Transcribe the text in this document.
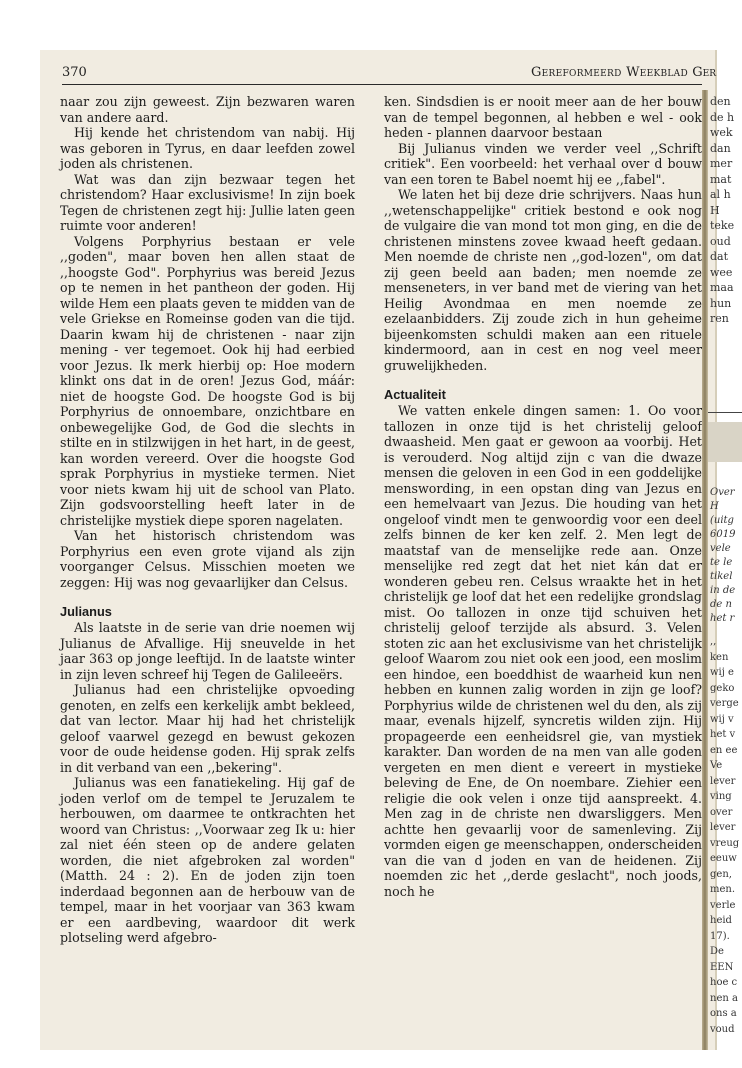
370	Gereformeerd Weekblad Ger

naar zou zijn geweest. Zijn bezwaren waren van andere aard.

Hij kende het christendom van nabij. Hij was geboren in Tyrus, en daar leefden zowel joden als christenen.

Wat was dan zijn bezwaar tegen het christendom? Haar exclusivisme! In zijn boek Tegen de christenen zegt hij: Jullie laten geen ruimte voor anderen!

Volgens Porphyrius bestaan er vele ,,goden", maar boven hen allen staat de ,,hoogste God". Porphyrius was bereid Jezus op te nemen in het pantheon der goden. Hij wilde Hem een plaats geven te midden van de vele Griekse en Romeinse goden van die tijd. Daarin kwam hij de christenen - naar zijn mening - ver tegemoet. Ook hij had eerbied voor Jezus. Ik merk hierbij op: Hoe modern klinkt ons dat in de oren! Jezus God, máár: niet de hoogste God. De hoogste God is bij Porphyrius de onnoembare, onzichtbare en onbewegelijke God, de God die slechts in stilte en in stilzwijgen in het hart, in de geest, kan worden vereerd. Over die hoogste God sprak Porphyrius in mystieke termen. Niet voor niets kwam hij uit de school van Plato. Zijn godsvoorstelling heeft later in de christelijke mystiek diepe sporen nagelaten.

Van het historisch christendom was Porphyrius een even grote vijand als zijn voorganger Celsus. Misschien moeten we zeggen: Hij was nog gevaarlijker dan Celsus.

Julianus

Als laatste in de serie van drie noemen wij Julianus de Afvallige. Hij sneuvelde in het jaar 363 op jonge leeftijd. In de laatste winter in zijn leven schreef hij Tegen de Galileeërs.

Julianus had een christelijke opvoeding genoten, en zelfs een kerkelijk ambt bekleed, dat van lector. Maar hij had het christelijk geloof vaarwel gezegd en bewust gekozen voor de oude heidense goden. Hij sprak zelfs in dit verband van een ,,bekering".

Julianus was een fanatiekeling. Hij gaf de joden verlof om de tempel te Jeruzalem te herbouwen, om daarmee te ontkrachten het woord van Christus: ,,Voorwaar zeg Ik u: hier zal niet één steen op de andere gelaten worden, die niet afgebroken zal worden" (Matth. 24 : 2). En de joden zijn toen inderdaad begonnen aan de herbouw van de tempel, maar in het voorjaar van 363 kwam er een aardbeving, waardoor dit werk plotseling werd afgebro-

ken. Sindsdien is er nooit meer aan de her bouw van de tempel begonnen, al hebben e wel - ook heden - plannen daarvoor bestaan

Bij Julianus vinden we verder veel ,,Schrift critiek". Een voorbeeld: het verhaal over d bouw van een toren te Babel noemt hij ee ,,fabel".

We laten het bij deze drie schrijvers. Naas hun ,,wetenschappelijke" critiek bestond e ook nog de vulgaire die van mond tot mon ging, en die de christenen minstens zovee kwaad heeft gedaan. Men noemde de christe nen ,,god-lozen", om dat zij geen beeld aan baden; men noemde ze menseneters, in ver band met de viering van het Heilig Avondmaa en men noemde ze ezelaanbidders. Zij zoude zich in hun geheime bijeenkomsten schuldi maken aan een rituele kindermoord, aan in cest en nog veel meer gruwelijkheden.

Actualiteit

We vatten enkele dingen samen: 1. Oo voor tallozen in onze tijd is het christelij geloof dwaasheid. Men gaat er gewoon aa voorbij. Het is verouderd. Nog altijd zijn c van die dwaze mensen die geloven in een God in een goddelijke menswording, in een opstan ding van Jezus en een hemelvaart van Jezus. Die houding van het ongeloof vindt men te genwoordig voor een deel zelfs binnen de ker ken zelf. 2. Men legt de maatstaf van de menselijke rede aan. Onze menselijke red zegt dat het niet kán dat er wonderen gebeu ren. Celsus wraakte het in het christelijk ge loof dat het een redelijke grondslag mist. Oo tallozen in onze tijd schuiven het christelij geloof terzijde als absurd. 3. Velen stoten zic aan het exclusivisme van het christelijk geloof Waarom zou niet ook een jood, een moslim een hindoe, een boeddhist de waarheid kun nen hebben en kunnen zalig worden in zijn ge loof? Porphyrius wilde de christenen wel du den, als zij maar, evenals hijzelf, syncretis wilden zijn. Hij propageerde een eenheidsrel gie, van mystiek karakter. Dan worden de na men van alle goden vergeten en men dient e vereert in mystieke beleving de Ene, de On noembare. Ziehier een religie die ook velen i onze tijd aanspreekt. 4. Men zag in de christe nen dwarsliggers. Men achtte hen gevaarlij voor de samenleving. Zij vormden eigen ge meenschappen, onderscheiden van die van d joden en van de heidenen. Zij noemden zic het ,,derde geslacht", noch joods, noch he

den
de h
wek
dan
mer
mat
al h
H
teke
oud
dat
wee
maa
hun
ren
Over
H
(uitg
6019
vele
te le
tikel
in de
de n
het r
,,
ken
wij e
geko
verge
wij v
het v
en ee
Ve
lever
ving
over
lever
vreug
eeuw
gen,
men.
verle
heid
17).
De
EEN
hoe c
nen a
ons a
voud
